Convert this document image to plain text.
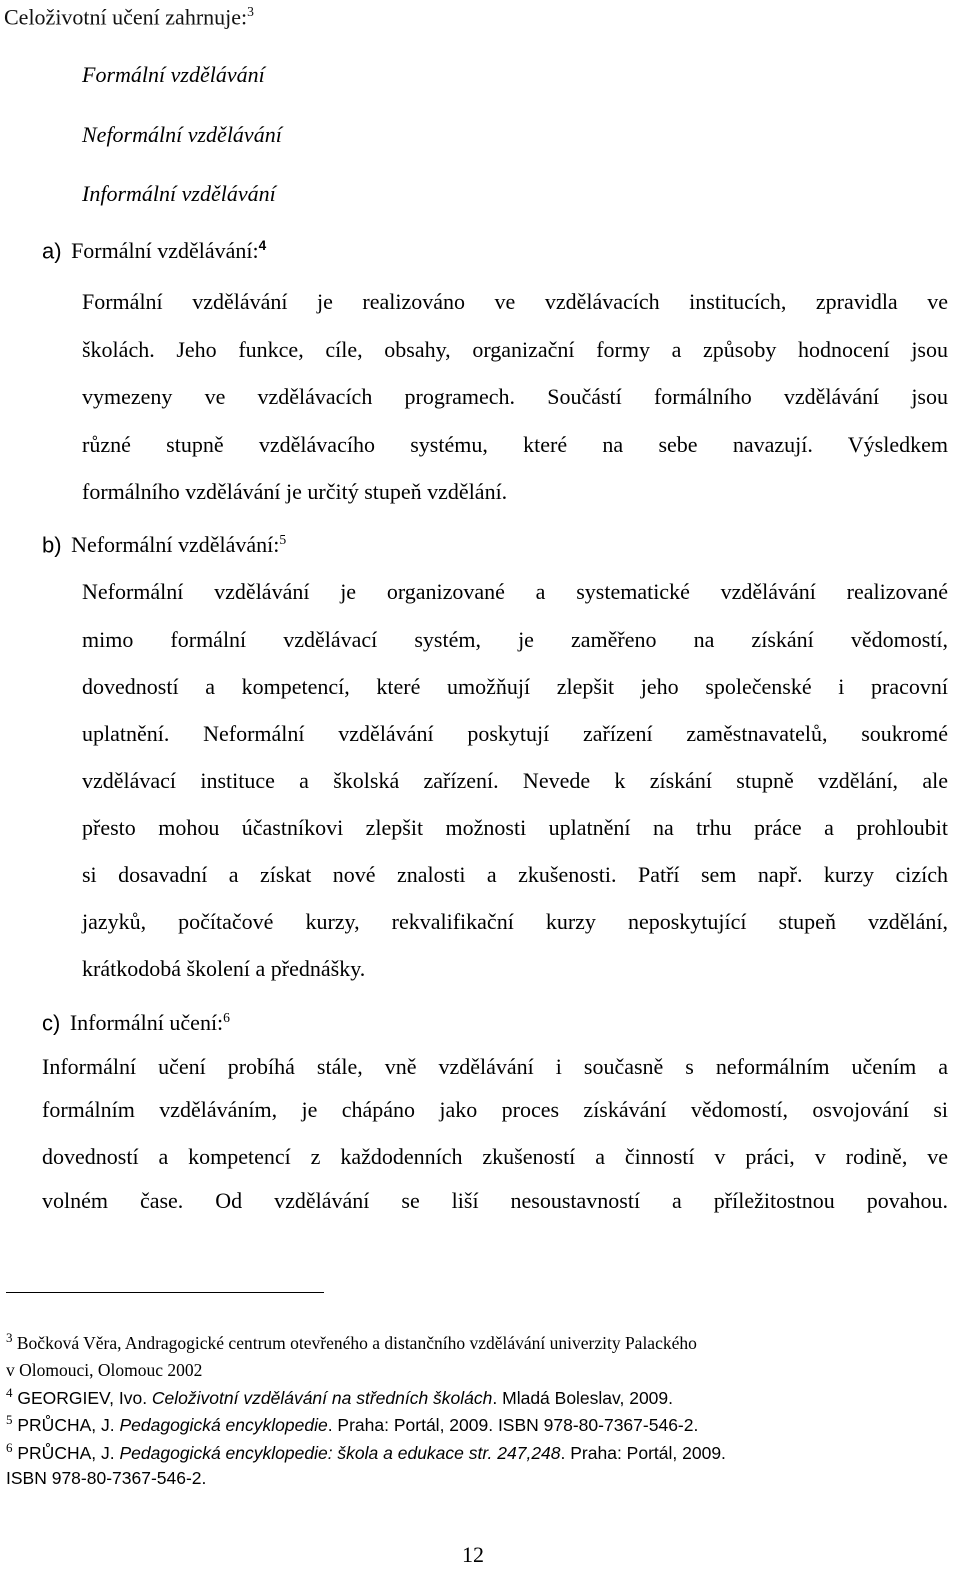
Celoživotní učení zahrnuje:$^3$
Formální vzdělávání
Neformální vzdělávání
Informální vzdělávání
a) Formální vzdělávání:$^4$
Formální vzdělávání je realizováno ve vzdělávacích institucích, zpravidla ve
školách. Jeho funkce, cíle, obsahy, organizační formy a způsoby hodnocení jsou
vymezeny ve vzdělávacích programech. Součástí formálního vzdělávání jsou
různé stupně vzdělávacího systému, které na sebe navazují. Výsledkem
formálního vzdělávání je určitý stupeň vzdělání.
b) Neformální vzdělávání:$^5$
Neformální vzdělávání je organizované a systematické vzdělávání realizované
mimo formální vzdělávací systém, je zaměřeno na získání vědomostí,
dovedností a kompetencí, které umožňují zlepšit jeho společenské i pracovní
uplatnění. Neformální vzdělávání poskytují zařízení zaměstnavatelů, soukromé
vzdělávací instituce a školská zařízení. Nevede k získání stupně vzdělání, ale
přesto mohou účastníkovi zlepšit možnosti uplatnění na trhu práce a prohloubit
si dosavadní a získat nové znalosti a zkušenosti. Patří sem např. kurzy cizích
jazyků, počítačové kurzy, rekvalifikační kurzy neposkytující stupeň vzdělání,
krátkodobá školení a přednášky.
c) Informální učení:$^6$
Informální učení probíhá stále, vně vzdělávání i současně s neformálním učením a
formálním vzděláváním, je chápáno jako proces získávání vědomostí, osvojování si
dovedností a kompetencí z každodenních zkušeností a činností v práci, v rodině, ve
volném čase. Od vzdělávání se liší nesoustavností a příležitostnou povahou.
$^3$ Bočková Věra, Andragogické centrum otevřeného a distančního vzdělávání univerzity Palackého
v Olomouci, Olomouc 2002
$^4$ GEORGIEV, Ivo. Celoživotní vzdělávání na středních školách. Mladá Boleslav, 2009.
$^5$ PRŮCHA, J. Pedagogická encyklopedie. Praha: Portál, 2009. ISBN 978-80-7367-546-2.
$^6$ PRŮCHA, J. Pedagogická encyklopedie: škola a edukace str. 247,248. Praha: Portál, 2009.
ISBN 978-80-7367-546-2.
12
